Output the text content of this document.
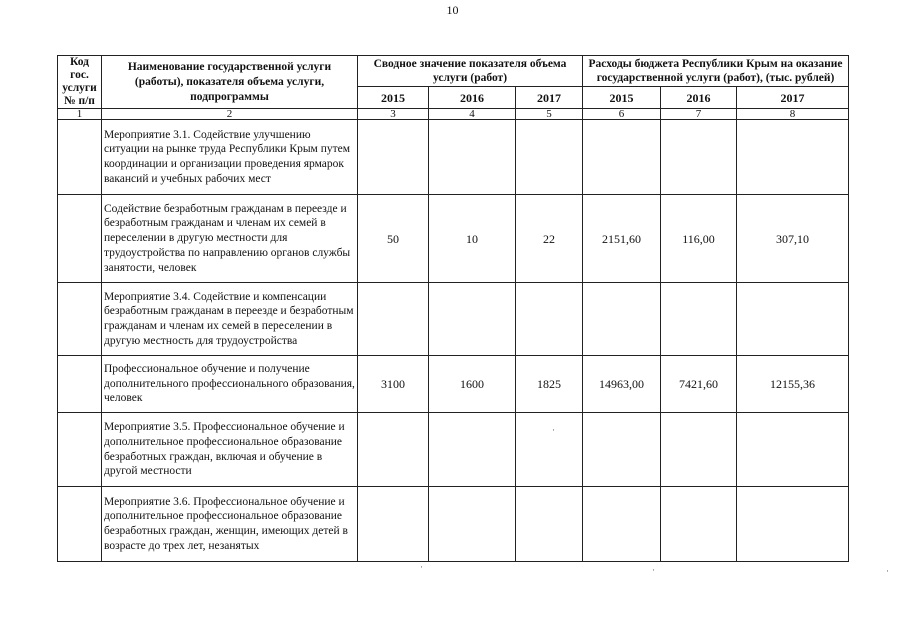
10
Код гос. услуги № п/п	Наименование государственной услуги (работы), показателя объема услуги, подпрограммы	Сводное значение показателя объема услуги (работ)			Расходы бюджета Республики Крым на оказание государственной услуги (работ), (тыс. рублей)		
		2015	2016	2017	2015	2016	2017
1	2	3	4	5	6	7	8
	Мероприятие 3.1. Содействие улучшению ситуации на рынке труда Республики Крым путем координации и организации проведения ярмарок вакансий и учебных рабочих мест						
	Содействие безработным гражданам в переезде и безработным гражданам и членам их семей в переселении в другую местности для трудоустройства по направлению органов службы занятости, человек	50	10	22	2151,60	116,00	307,10
	Мероприятие 3.4. Содействие и компенсации безработным гражданам в переезде и безработным гражданам и членам их семей в переселении в другую местность для трудоустройства						
	Профессиональное обучение и получение дополнительного профессионального образования, человек	3100	1600	1825	14963,00	7421,60	12155,36
	Мероприятие 3.5. Профессиональное обучение и дополнительное профессиональное образование безработных граждан, включая и обучение в другой местности						
	Мероприятие 3.6. Профессиональное обучение и дополнительное профессиональное образование безработных граждан, женщин, имеющих детей в возрасте до трех лет, незанятых						
·
·
·	·
